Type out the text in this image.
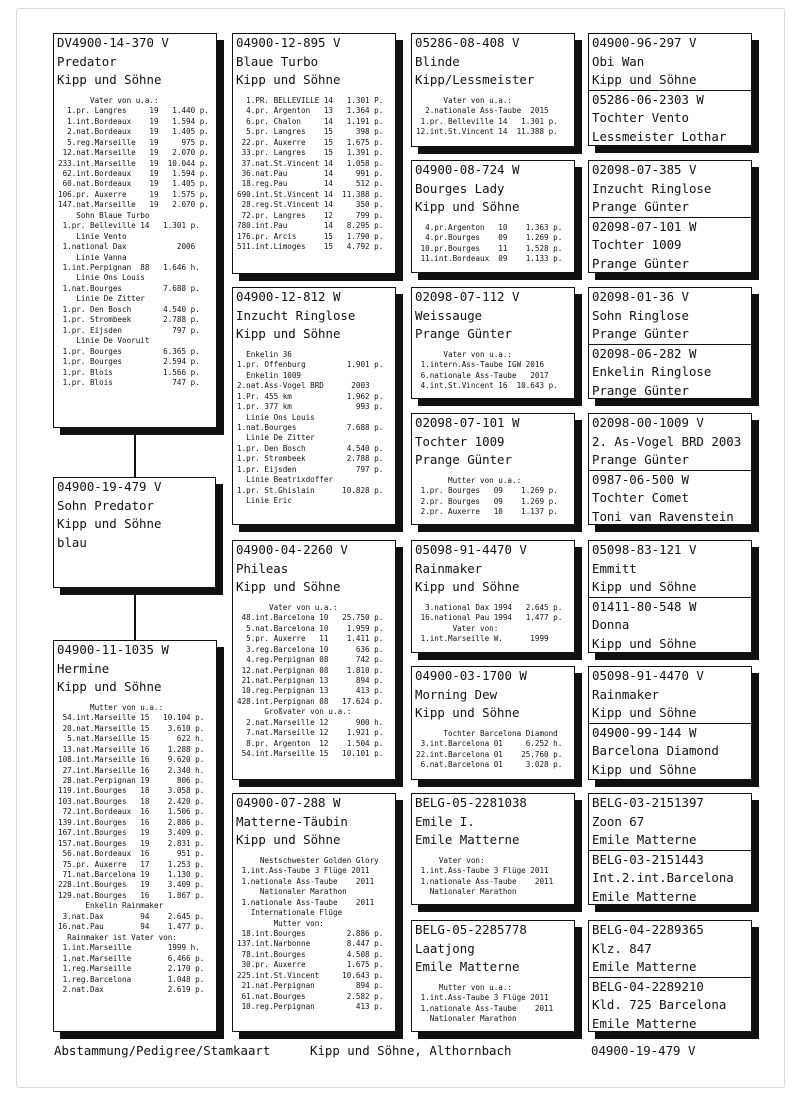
DV4900-14-370 V
Predator
Kipp und Söhne
Vater von u.a.:
1.pr. Langres     19   1.440 p.
1.int.Bordeaux    19   1.594 p.
2.nat.Bordeaux    19   1.405 p.
5.reg.Marseille   19     975 p.
12.nat.Marseille   19   2.070 p.
233.int.Marseille   19  10.044 p.
62.int.Bordeaux    19   1.594 p.
60.nat.Bordeaux    19   1.405 p.
106.pr. Auxerre     19   1.575 p.
147.nat.Marseille   19   2.070 p.
Sohn Blaue Turbo
1.pr. Belleville 14   1.301 p.
Linie Vento
1.national Dax           2006
Linie Vanna
1.int.Perpignan  88   1.646 h.
Linie Ons Louis
1.nat.Bourges         7.688 p.
Linie De Zitter
1.pr. Den Bosch       4.540 p.
1.pr. Strombeek       2.788 p.
1.pr. Eijsden           797 p.
Linie De Vooruit
1.pr. Bourges         6.365 p.
1.pr. Bourges         2.594 p.
1.pr. Blois           1.566 p.
1.pr. Blois             747 p.
04900-19-479 V
Sohn Predator
Kipp und Söhne
blau
04900-11-1035 W
Hermine
Kipp und Söhne
Mutter von u.a.:
54.int.Marseille 15   10.104 p.
20.nat.Marseille 15    3.610 p.
5.nat.Marseille 15      622 h.
13.nat.Marseille 16    1.288 p.
108.int.Marseille 16    9.620 p.
27.int.Marseille 16    2.340 h.
28.nat.Perpignan 19      806 p.
119.int.Bourges   18    3.058 p.
103.nat.Bourges   18    2.420 p.
72.int.Bordeaux  16    1.506 p.
139.int.Bourges   16    2.886 p.
167.int.Bourges   19    3.409 p.
157.nat.Bourges   19    2.831 p.
56.nat.Bordeaux  16      951 p.
75.pr. Auxerre   17    1.253 p.
71.nat.Barcelona 19    1.130 p.
228.int.Bourges   19    3.409 p.
129.nat.Bourges   16    1.867 p.
Enkelin Rainmaker
3.nat.Dax        94    2.645 p.
16.nat.Pau        94    1.477 p.
Rainmaker ist Vater von:
1.int.Marseille        1999 h.
1.nat.Marseille        6.466 p.
1.reg.Marseille        2.170 p.
1.reg.Barcelona        1.048 p.
2.nat.Dax              2.619 p.
04900-12-895 V
Blaue Turbo
Kipp und Söhne
1.PR. BELLEVILLE 14   1.301 P.
4.pr. Argenton   13   1.364 p.
6.pr. Chalon     14   1.191 p.
5.pr. Langres    15     398 p.
22.pr. Auxerre    15   1.675 p.
33.pr. Langres    15   1.391 p.
37.nat.St.Vincent 14   1.058 p.
36.nat.Pau        14     991 p.
18.reg.Pau        14     512 p.
690.int.St.Vincent 14  11.388 p.
28.reg.St.Vincent 14     350 p.
72.pr. Langres    12     799 p.
780.int.Pau        14   8.295 p.
176.pr. Arcis      15   1.790 p.
511.int.Limoges    15   4.792 p.
04900-12-812 W
Inzucht Ringlose
Kipp und Söhne
Enkelin 36
1.pr. Offenburg         1.901 p.
Enkelin 1009
2.nat.Ass-Vogel BRD      2003
1.Pr. 455 km            1.962 p.
1.pr. 377 km              993 p.
Linie Ons Louis
1.nat.Bourges           7.688 p.
Linie De Zitter
1.pr. Den Bosch         4.540 p.
1.pr. Strombeek         2.788 p.
1.pr. Eijsden             797 p.
Linie Beatrixdoffer
1.pr. St.Ghislain      10.828 p.
Linie Eric
04900-04-2260 V
Phileas
Kipp und Söhne
Vater von u.a.:
48.int.Barcelona 10   25.750 p.
5.nat.Barcelona 10    1.959 p.
5.pr. Auxerre   11    1.411 p.
3.reg.Barcelona 10      636 p.
4.reg.Perpignan 08      742 p.
12.nat.Perpignan 08    1.810 p.
21.nat.Perpignan 13      894 p.
10.reg.Perpignan 13      413 p.
428.int.Perpignan 08   17.624 p.
Großvater von u.a.:
2.nat.Marseille 12      900 h.
7.nat.Marseille 12    1.921 p.
8.pr. Argenton  12    1.504 p.
54.int.Marseille 15   10.101 p.
04900-07-288 W
Matterne-Täubin
Kipp und Söhne
Nestschwester Golden Glory
1.int.Ass-Taube 3 Flüge 2011
1.nationale Ass-Taube    2011
Nationaler Marathon
1.nationale Ass-Taube    2011
Internationale Flüge
Mutter von:
18.int.Bourges         2.886 p.
137.int.Narbonne        8.447 p.
78.int.Bourges         4.508 p.
30.pr. Auxerre         1.675 p.
225.int.St.Vincent     10.643 p.
21.nat.Perpignan         894 p.
61.nat.Bourges         2.582 p.
10.reg.Perpignan         413 p.
05286-08-408 V
Blinde
Kipp/Lessmeister
Vater von u.a.:
2.nationale Ass-Taube  2015
1.pr. Belleville 14   1.301 p.
12.int.St.Vincent 14  11.388 p.
04900-08-724 W
Bourges Lady
Kipp und Söhne
4.pr.Argenton   10    1.363 p.
4.pr.Bourges    09    1.269 p.
10.pr.Bourges    11    1.528 p.
11.int.Bordeaux  09    1.133 p.
02098-07-112 V
Weissauge
Prange Günter
Vater von u.a.:
1.intern.Ass-Taube IGW 2016
6.nationale Ass-Taube   2017
4.int.St.Vincent 16  10.643 p.
02098-07-101 W
Tochter 1009
Prange Günter
Mutter von u.a.:
1.pr. Bourges   09    1.269 p.
2.pr. Bourges   09    1.269 p.
2.pr. Auxerre   10    1.137 p.
05098-91-4470 V
Rainmaker
Kipp und Söhne
3.national Dax 1994   2.645 p.
16.national Pau 1994   1.477 p.
Vater von:
1.int.Marseille W.      1999
04900-03-1700 W
Morning Dew
Kipp und Söhne
Tochter Barcelona Diamond
3.int.Barcelona 01     6.252 h.
22.int.Barcelona 01    25.760 p.
6.nat.Barcelona 01     3.028 p.
BELG-05-2281038
Emile I.
Emile Matterne
Vater von:
1.int.Ass-Taube 3 Flüge 2011
1.nationale Ass-Taube    2011
Nationaler Marathon
BELG-05-2285778
Laatjong
Emile Matterne
Mutter von u.a.:
1.int.Ass-Taube 3 Flüge 2011
1.nationale Ass-Taube    2011
Nationaler Marathon
04900-96-297 V
Obi Wan
Kipp und Söhne
05286-06-2303 W
Tochter Vento
Lessmeister Lothar
02098-07-385 V
Inzucht Ringlose
Prange Günter
02098-07-101 W
Tochter 1009
Prange Günter
02098-01-36 V
Sohn Ringlose
Prange Günter
02098-06-282 W
Enkelin Ringlose
Prange Günter
02098-00-1009 V
2. As-Vogel BRD 2003
Prange Günter
0987-06-500 W
Tochter Comet
Toni van Ravenstein
05098-83-121 V
Emmitt
Kipp und Söhne
01411-80-548 W
Donna
Kipp und Söhne
05098-91-4470 V
Rainmaker
Kipp und Söhne
04900-99-144 W
Barcelona Diamond
Kipp und Söhne
BELG-03-2151397
Zoon 67
Emile Matterne
BELG-03-2151443
Int.2.int.Barcelona
Emile Matterne
BELG-04-2289365
Klz. 847
Emile Matterne
BELG-04-2289210
Kld. 725 Barcelona
Emile Matterne
Abstammung/Pedigree/Stamkaart	Kipp und Söhne, Althornbach	04900-19-479 V
